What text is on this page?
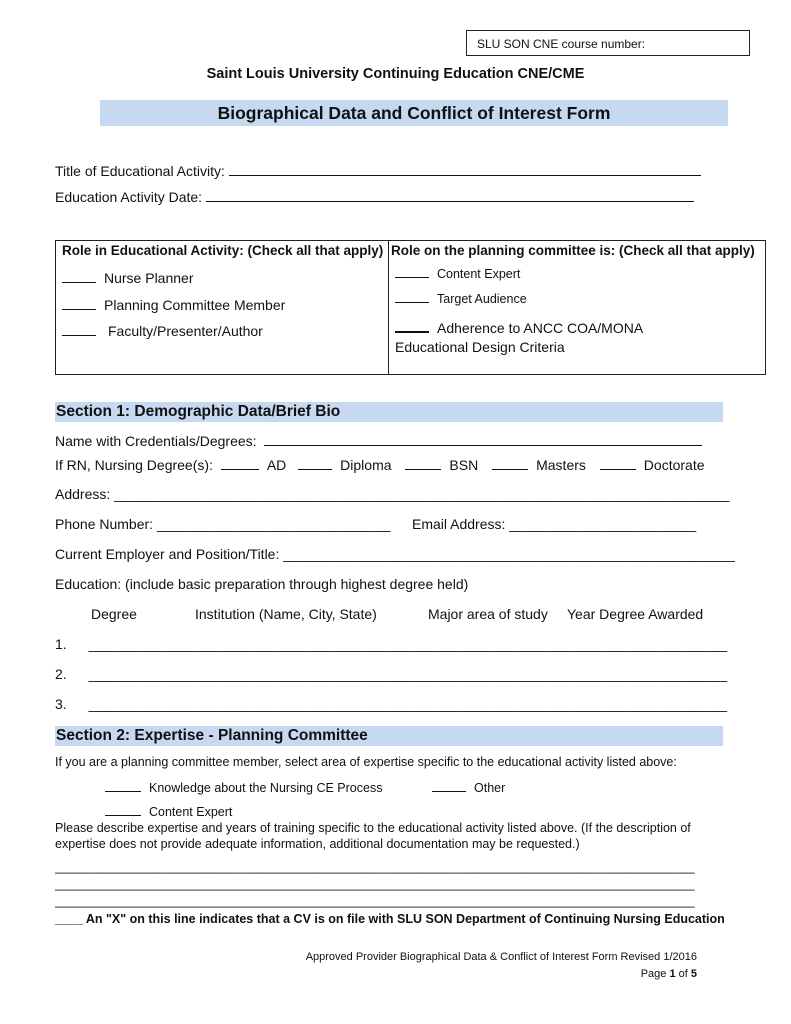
SLU SON CNE course number:
Saint Louis University Continuing Education CNE/CME
Biographical Data and Conflict of Interest Form
Title of Educational Activity:
Education Activity Date:
Role in Educational Activity: (Check all that apply) Role on the planning committee is: (Check all that apply)
Nurse Planner
Planning Committee Member
Faculty/Presenter/Author
Content Expert
Target Audience
Adherence to ANCC COA/MONA
Educational Design Criteria
Section 1: Demographic Data/Brief Bio
Name with Credentials/Degrees:
If RN, Nursing Degree(s):	AD	Diploma	BSN	Masters	Doctorate
Address: _______________________________________________________________________________
Phone Number: ______________________________ Email Address: ________________________
Current Employer and Position/Title: __________________________________________________________
Education: (include basic preparation through highest degree held)
Degree	Institution (Name, City, State)	Major area of study Year Degree Awarded
1. __________________________________________________________________________________
2. __________________________________________________________________________________
3. __________________________________________________________________________________
Section 2: Expertise - Planning Committee
If you are a planning committee member, select area of expertise specific to the educational activity listed above:
Knowledge about the Nursing CE Process	Other
Content Expert
Please describe expertise and years of training specific to the educational activity listed above. (If the description of
expertise does not provide adequate information, additional documentation may be requested.)
____________________________________________________________________________________________
____________________________________________________________________________________________
____________________________________________________________________________________________
____ An "X" on this line indicates that a CV is on file with SLU SON Department of Continuing Nursing Education
Approved Provider Biographical Data & Conflict of Interest Form Revised 1/2016
Page 1 of 5
